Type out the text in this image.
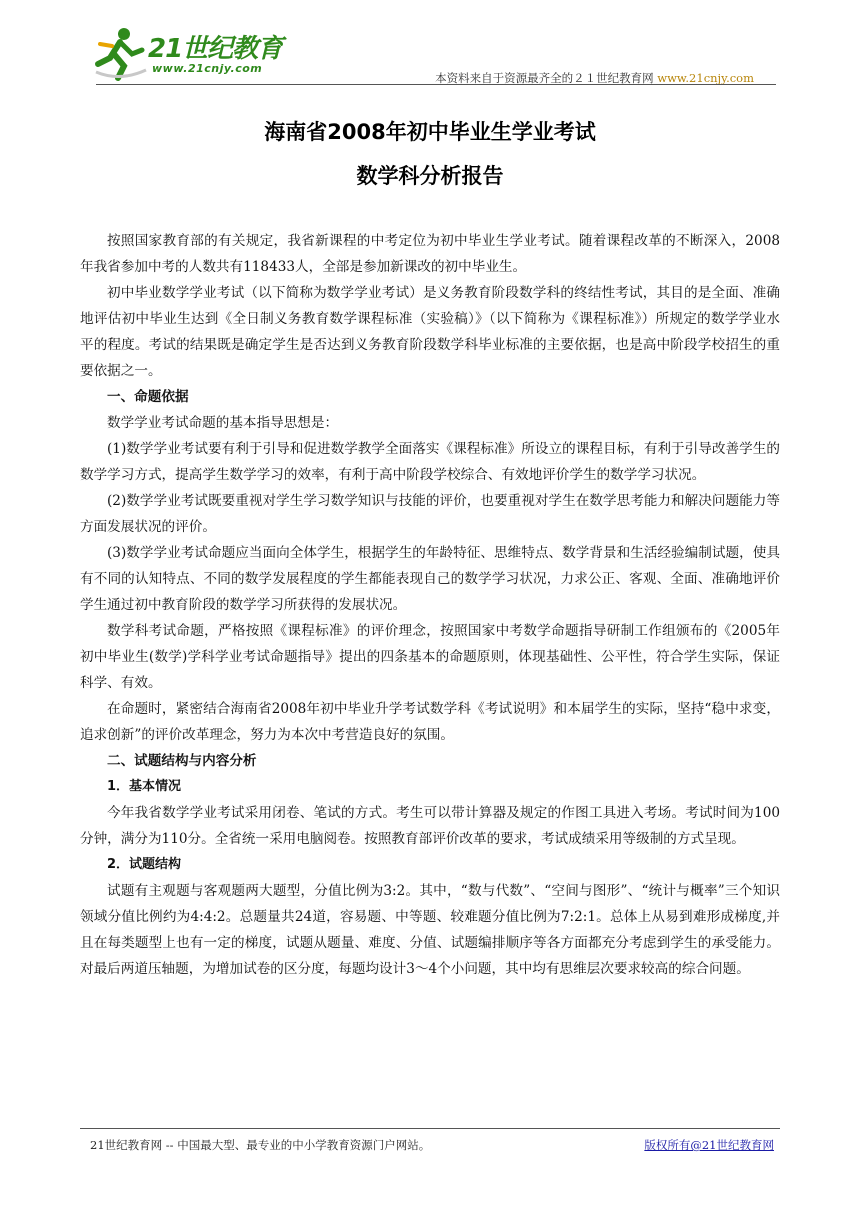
21世纪教育
www.21cnjy.com
本资料来自于资源最齐全的２１世纪教育网 www.21cnjy.com
海南省2008年初中毕业生学业考试
数学科分析报告

按照国家教育部的有关规定，我省新课程的中考定位为初中毕业生学业考试。随着课程改革的不断深入，2008年我省参加中考的人数共有118433人，全部是参加新课改的初中毕业生。

初中毕业数学学业考试（以下简称为数学学业考试）是义务教育阶段数学科的终结性考试，其目的是全面、准确地评估初中毕业生达到《全日制义务教育数学课程标准（实验稿）》（以下简称为《课程标准》）所规定的数学学业水平的程度。考试的结果既是确定学生是否达到义务教育阶段数学科毕业标准的主要依据，也是高中阶段学校招生的重要依据之一。

一、命题依据

数学学业考试命题的基本指导思想是：

(1)数学学业考试要有利于引导和促进数学教学全面落实《课程标准》所设立的课程目标，有利于引导改善学生的数学学习方式，提高学生数学学习的效率，有利于高中阶段学校综合、有效地评价学生的数学学习状况。

(2)数学学业考试既要重视对学生学习数学知识与技能的评价，也要重视对学生在数学思考能力和解决问题能力等方面发展状况的评价。

(3)数学学业考试命题应当面向全体学生，根据学生的年龄特征、思维特点、数学背景和生活经验编制试题，使具有不同的认知特点、不同的数学发展程度的学生都能表现自己的数学学习状况，力求公正、客观、全面、准确地评价学生通过初中教育阶段的数学学习所获得的发展状况。

数学科考试命题，严格按照《课程标准》的评价理念，按照国家中考数学命题指导研制工作组颁布的《2005年初中毕业生(数学)学科学业考试命题指导》提出的四条基本的命题原则，体现基础性、公平性，符合学生实际，保证科学、有效。

在命题时，紧密结合海南省2008年初中毕业升学考试数学科《考试说明》和本届学生的实际，坚持“稳中求变，追求创新”的评价改革理念，努力为本次中考营造良好的氛围。

二、试题结构与内容分析

1．基本情况

今年我省数学学业考试采用闭卷、笔试的方式。考生可以带计算器及规定的作图工具进入考场。考试时间为100分钟，满分为110分。全省统一采用电脑阅卷。按照教育部评价改革的要求，考试成绩采用等级制的方式呈现。

2．试题结构

试题有主观题与客观题两大题型，分值比例为3:2。其中，“数与代数”、“空间与图形”、“统计与概率”三个知识领域分值比例约为4:4:2。总题量共24道，容易题、中等题、较难题分值比例为7:2:1。总体上从易到难形成梯度,并且在每类题型上也有一定的梯度，试题从题量、难度、分值、试题编排顺序等各方面都充分考虑到学生的承受能力。对最后两道压轴题，为增加试卷的区分度，每题均设计3～4个小问题，其中均有思维层次要求较高的综合问题。

21世纪教育网 -- 中国最大型、最专业的中小学教育资源门户网站。	版权所有@21世纪教育网
